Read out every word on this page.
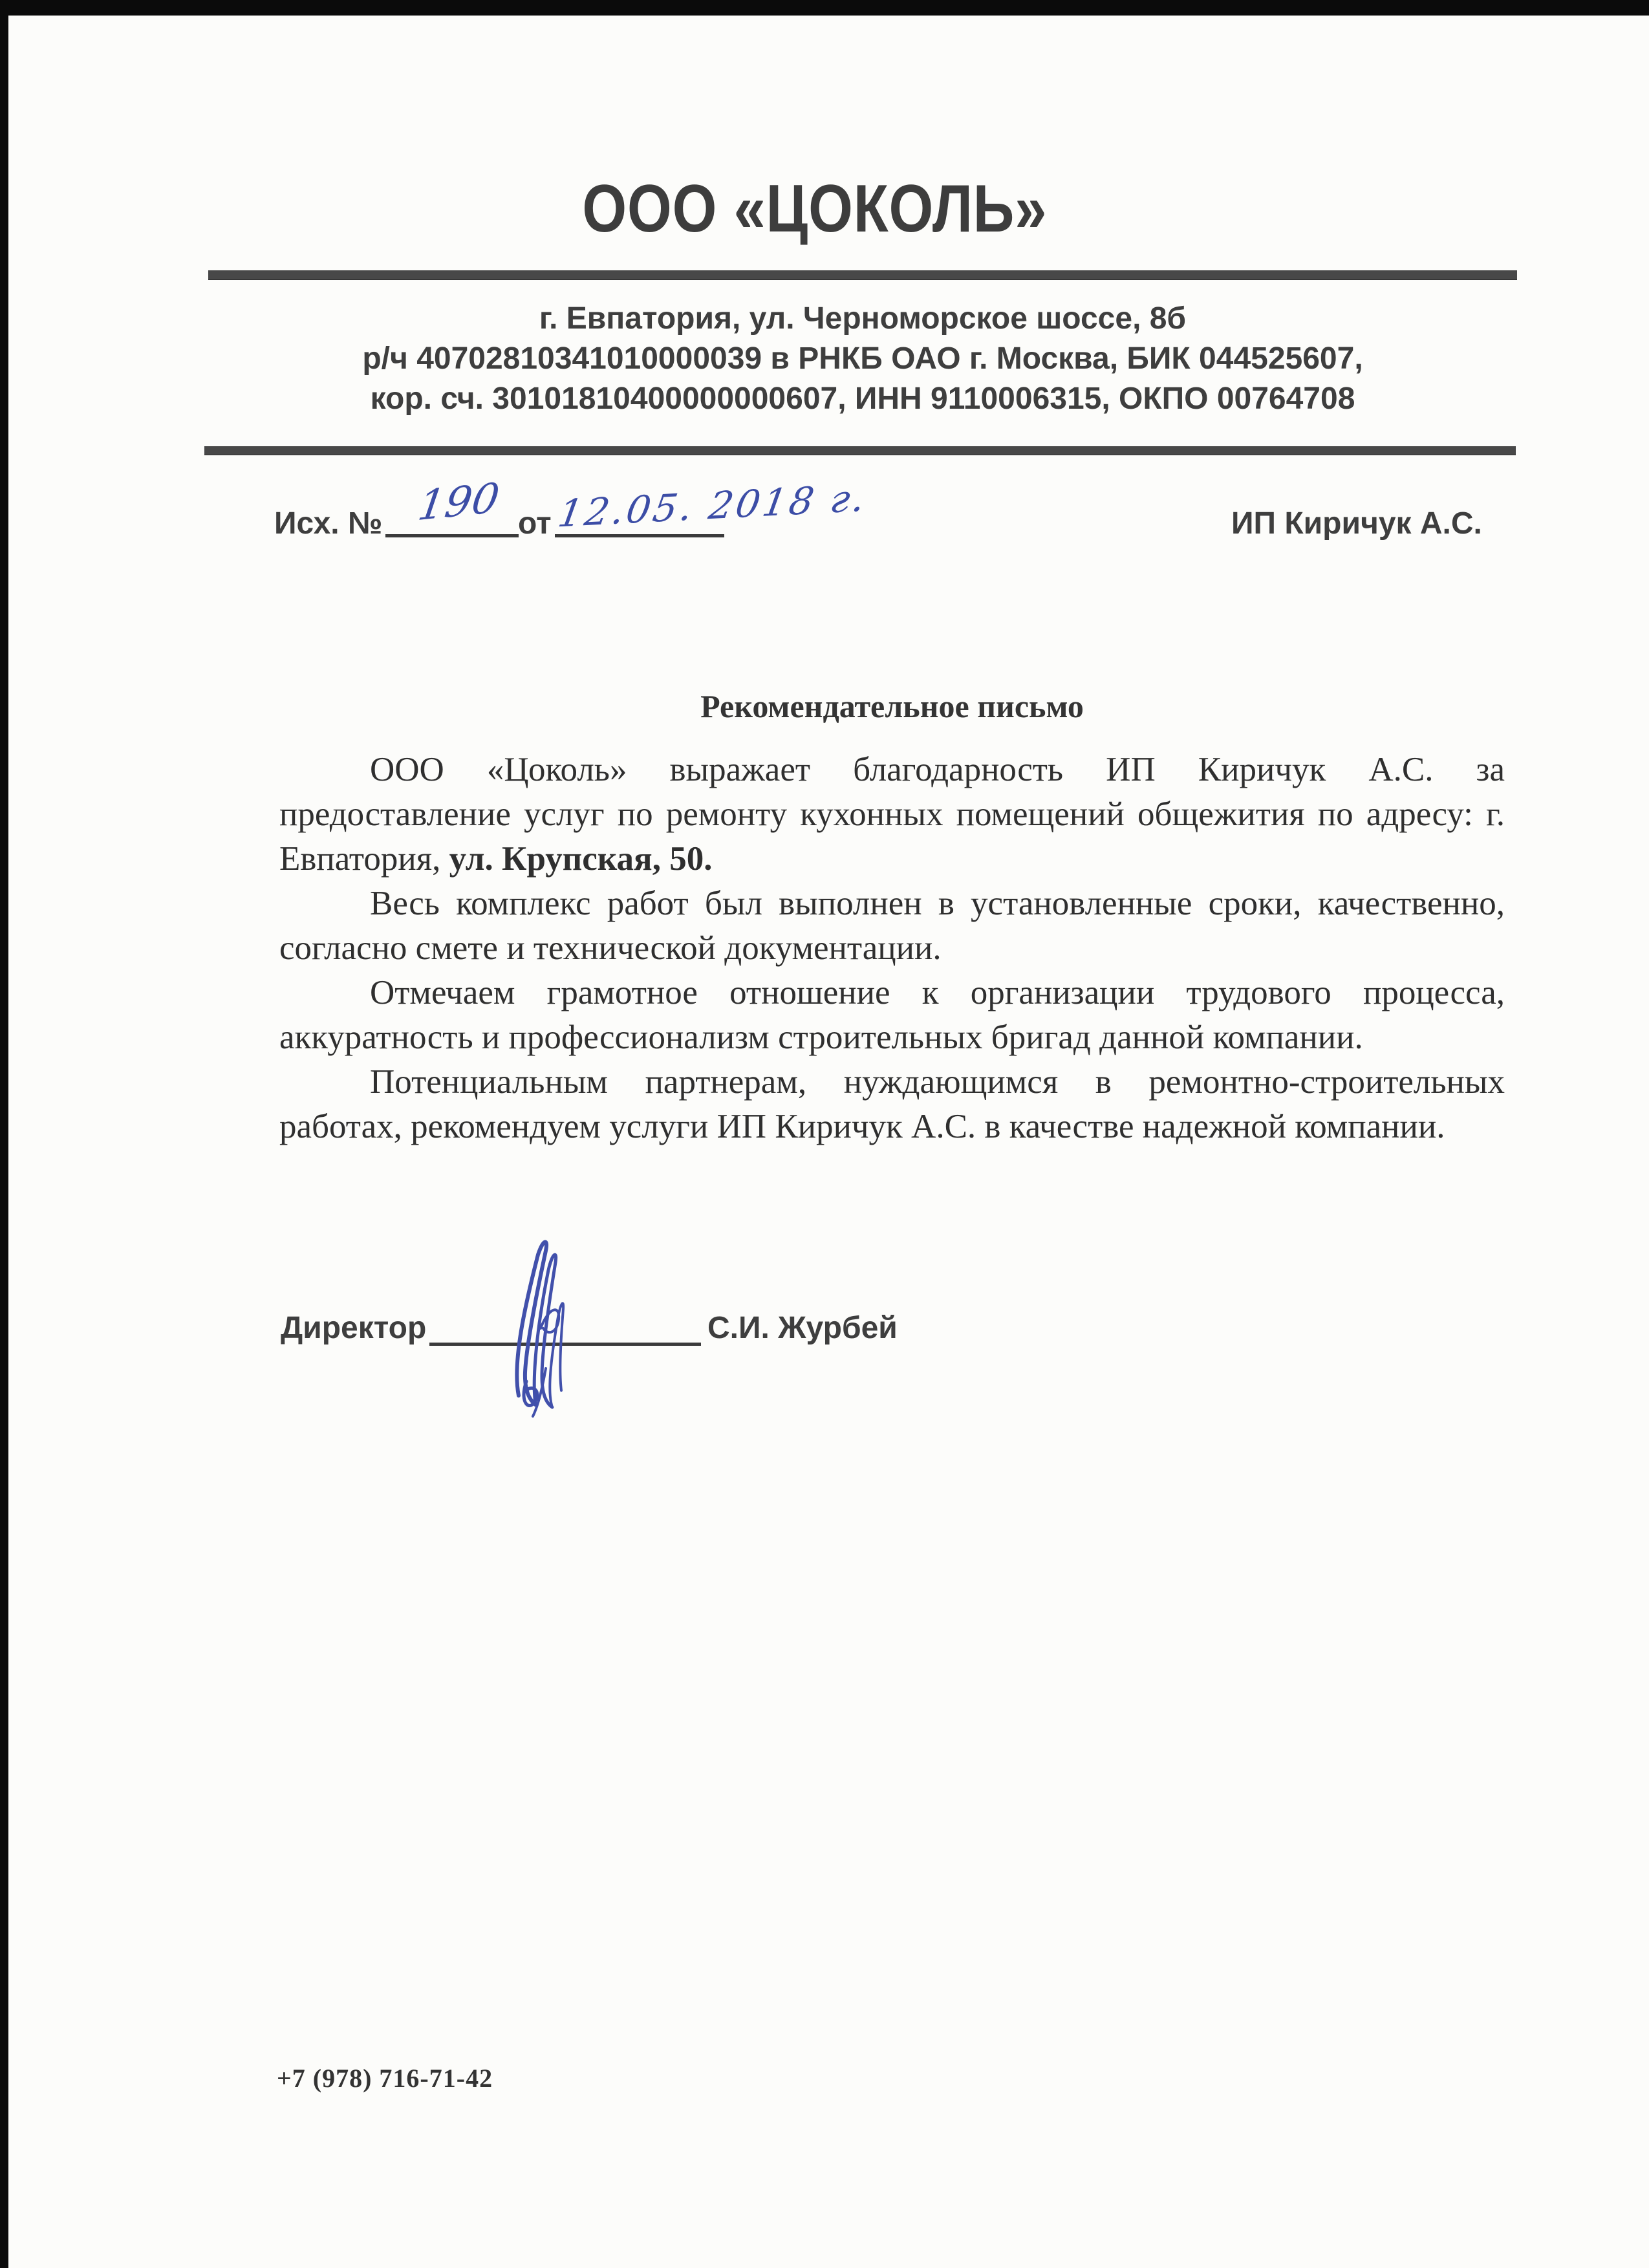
ООО «ЦОКОЛЬ»
г. Евпатория, ул. Черноморское шоссе, 8б
р/ч 40702810341010000039 в РНКБ ОАО г. Москва, БИК 044525607,
кор. сч. 30101810400000000607, ИНН 9110006315, ОКПО 00764708
Исх. № 190 от 12.05. 2018 г.	ИП Киричук А.С.
Рекомендательное письмо
ООО «Цоколь» выражает благодарность ИП Киричук А.С. за
предоставление услуг по ремонту кухонных помещений общежития по адресу: г.
Евпатория, ул. Крупская, 50.
Весь комплекс работ был выполнен в установленные сроки, качественно,
согласно смете и технической документации.
Отмечаем грамотное отношение к организации трудового процесса,
аккуратность и профессионализм строительных бригад данной компании.
Потенциальным партнерам, нуждающимся в ремонтно-строительных
работах, рекомендуем услуги ИП Киричук А.С. в качестве надежной компании.
Директор	С.И. Журбей
+7 (978) 716-71-42
